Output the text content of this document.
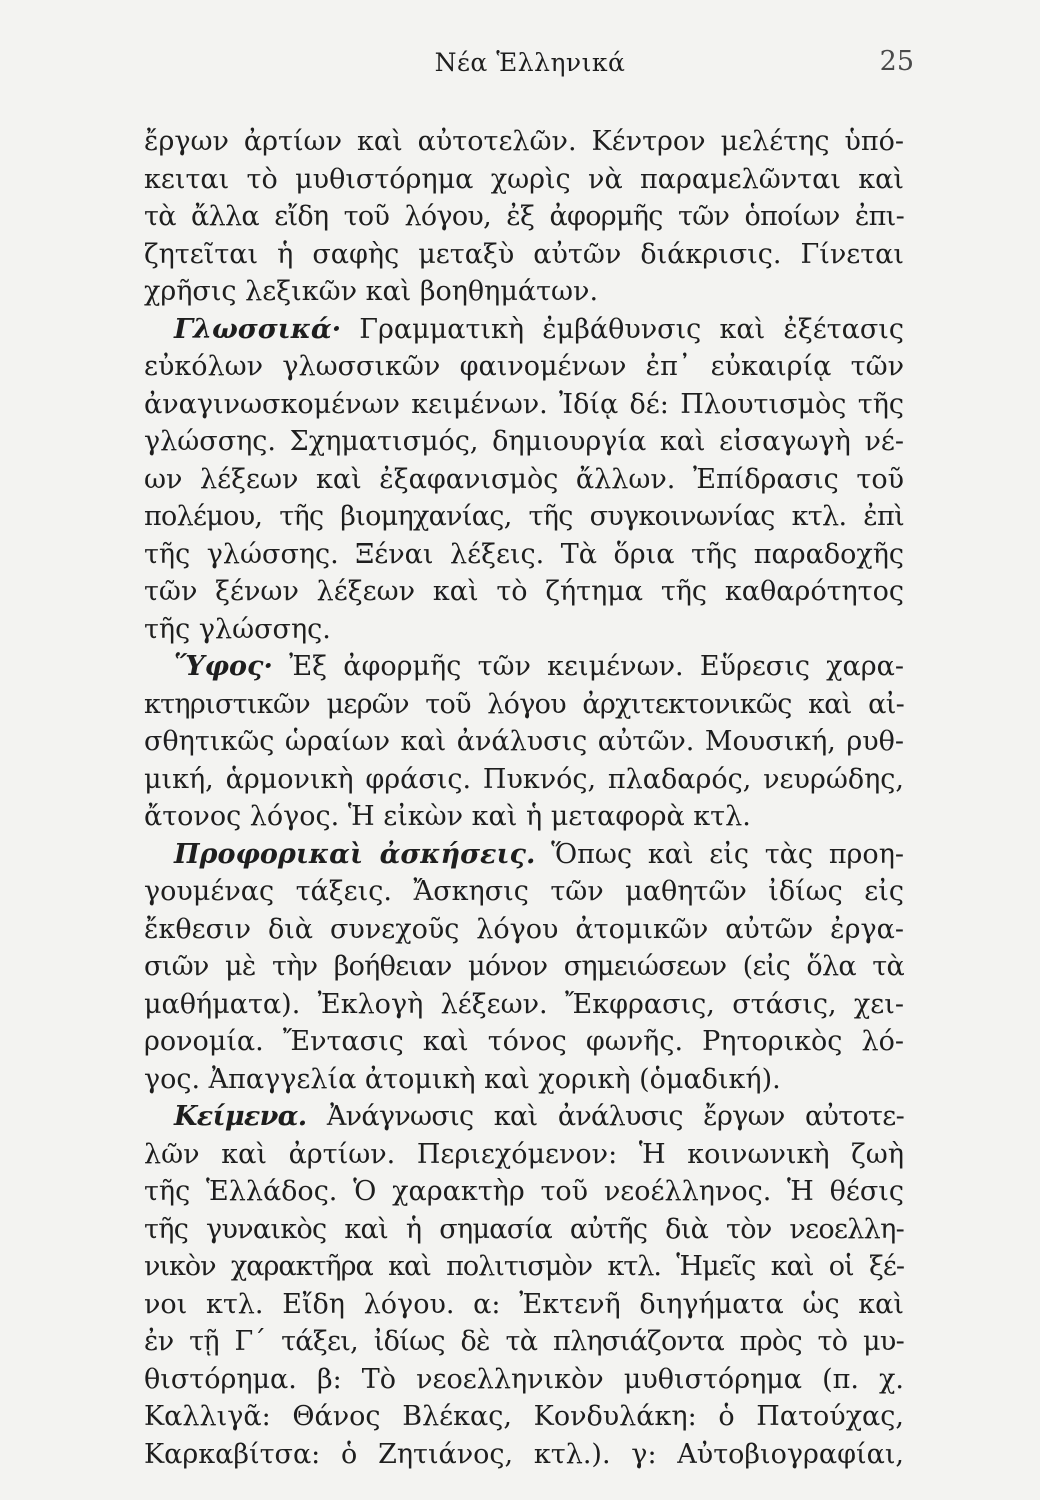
Νέα Ἑλληνικά	25
ἔργων ἀρτίων καὶ αὐτοτελῶν. Κέντρον μελέτης ὑπό-
κειται τὸ μυθιστόρημα χωρὶς νὰ παραμελῶνται καὶ
τὰ ἄλλα εἴδη τοῦ λόγου, ἐξ ἀφορμῆς τῶν ὁποίων ἐπι-
ζητεῖται ἡ σαφὴς μεταξὺ αὐτῶν διάκρισις. Γίνεται
χρῆσις λεξικῶν καὶ βοηθημάτων.
Γλωσσικά· Γραμματικὴ ἐμβάθυνσις καὶ ἐξέτασις
εὐκόλων γλωσσικῶν φαινομένων ἐπ᾽ εὐκαιρίᾳ τῶν
ἀναγινωσκομένων κειμένων. Ἰδίᾳ δέ: Πλουτισμὸς τῆς
γλώσσης. Σχηματισμός, δημιουργία καὶ εἰσαγωγὴ νέ-
ων λέξεων καὶ ἐξαφανισμὸς ἄλλων. Ἐπίδρασις τοῦ
πολέμου, τῆς βιομηχανίας, τῆς συγκοινωνίας κτλ. ἐπὶ
τῆς γλώσσης. Ξέναι λέξεις. Τὰ ὅρια τῆς παραδοχῆς
τῶν ξένων λέξεων καὶ τὸ ζήτημα τῆς καθαρότητος
τῆς γλώσσης.
Ὕφος· Ἐξ ἀφορμῆς τῶν κειμένων. Εὕρεσις χαρα-
κτηριστικῶν μερῶν τοῦ λόγου ἀρχιτεκτονικῶς καὶ αἰ-
σθητικῶς ὡραίων καὶ ἀνάλυσις αὐτῶν. Μουσική, ρυθ-
μική, ἁρμονικὴ φράσις. Πυκνός, πλαδαρός, νευρώδης,
ἄτονος λόγος. Ἡ εἰκὼν καὶ ἡ μεταφορὰ κτλ.
Προφορικαὶ ἀσκήσεις. Ὅπως καὶ εἰς τὰς προη-
γουμένας τάξεις. Ἄσκησις τῶν μαθητῶν ἰδίως εἰς
ἔκθεσιν διὰ συνεχοῦς λόγου ἀτομικῶν αὐτῶν ἐργα-
σιῶν μὲ τὴν βοήθειαν μόνον σημειώσεων (εἰς ὅλα τὰ
μαθήματα). Ἐκλογὴ λέξεων. Ἔκφρασις, στάσις, χει-
ρονομία. Ἔντασις καὶ τόνος φωνῆς. Ρητορικὸς λό-
γος. Ἀπαγγελία ἀτομικὴ καὶ χορικὴ (ὁμαδική).
Κείμενα. Ἀνάγνωσις καὶ ἀνάλυσις ἔργων αὐτοτε-
λῶν καὶ ἀρτίων. Περιεχόμενον: Ἡ κοινωνικὴ ζωὴ
τῆς Ἑλλάδος. Ὁ χαρακτὴρ τοῦ νεοέλληνος. Ἡ θέσις
τῆς γυναικὸς καὶ ἡ σημασία αὐτῆς διὰ τὸν νεοελλη-
νικὸν χαρακτῆρα καὶ πολιτισμὸν κτλ. Ἡμεῖς καὶ οἱ ξέ-
νοι κτλ. Εἴδη λόγου. α: Ἐκτενῆ διηγήματα ὡς καὶ
ἐν τῇ Γ΄ τάξει, ἰδίως δὲ τὰ πλησιάζοντα πρὸς τὸ μυ-
θιστόρημα. β: Τὸ νεοελληνικὸν μυθιστόρημα (π. χ.
Καλλιγᾶ: Θάνος Βλέκας, Κονδυλάκη: ὁ Πατούχας,
Καρκαβίτσα: ὁ Ζητιάνος, κτλ.). γ: Αὐτοβιογραφίαι,
